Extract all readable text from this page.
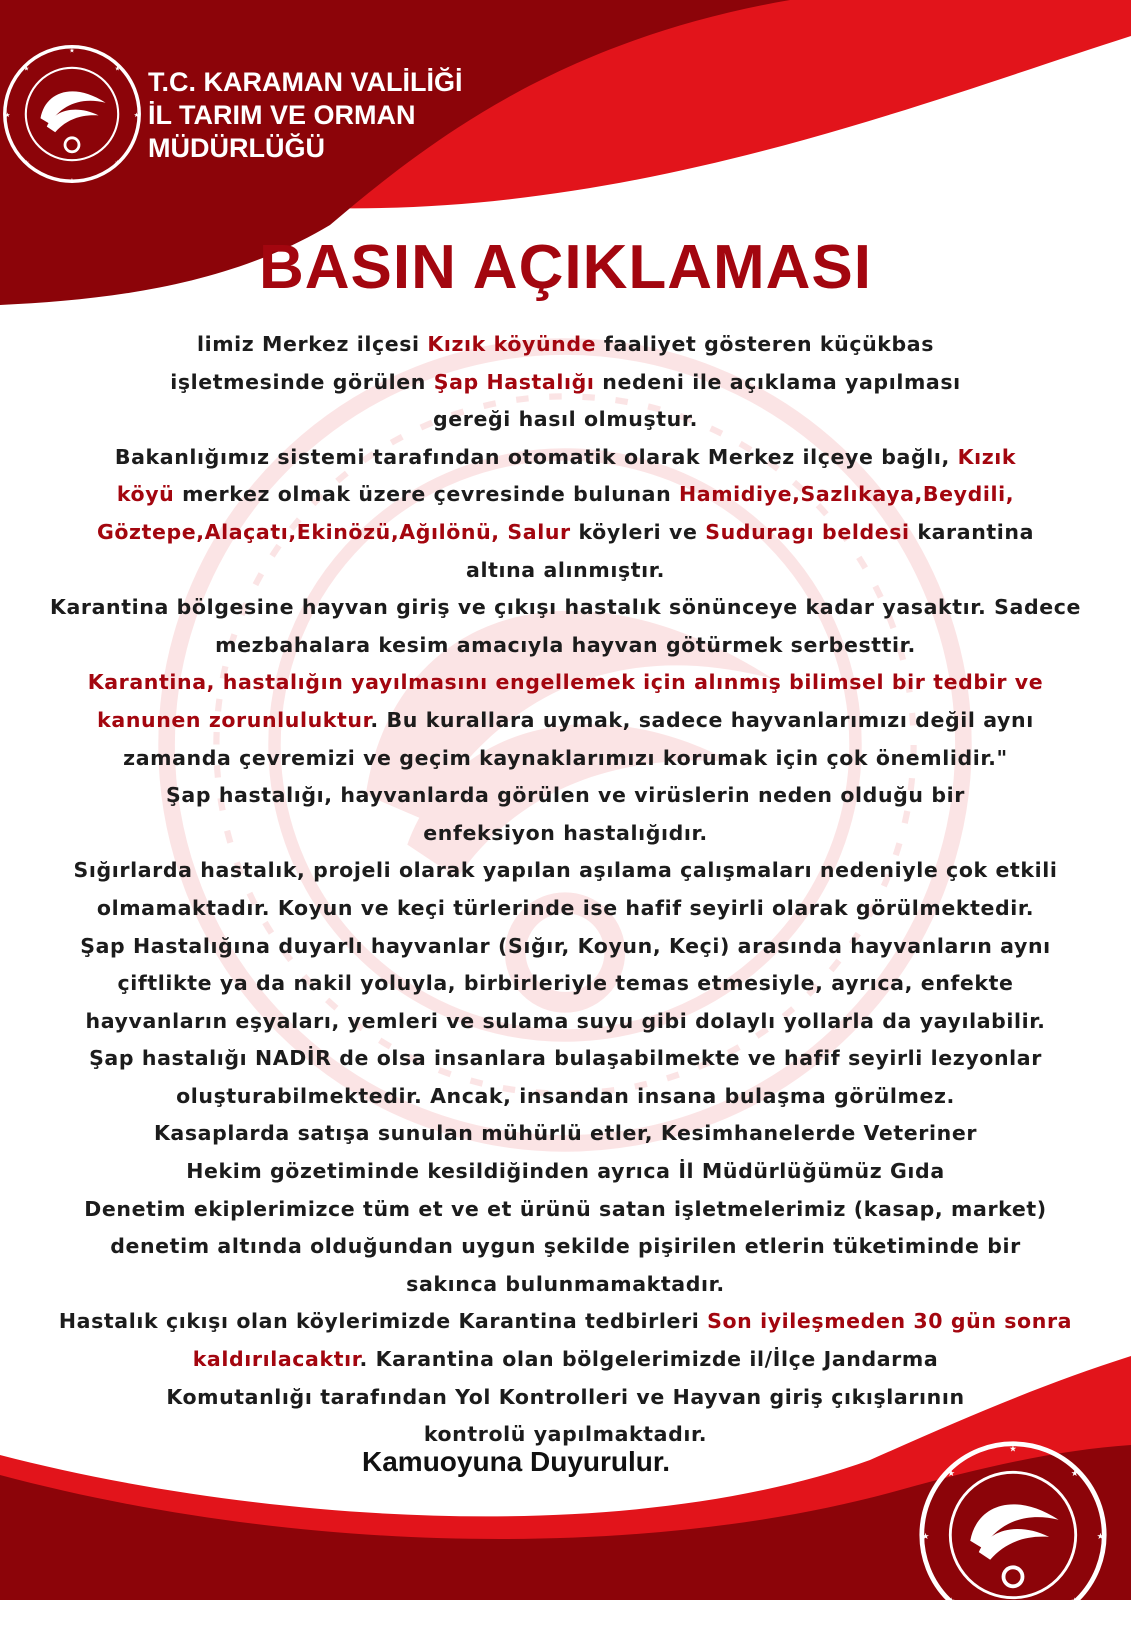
★
★
★	★
★	★
★	★
★
★
★	★
★	★
★	★
T.C. KARAMAN VALİLİĞİ
İL TARIM VE ORMAN
MÜDÜRLÜĞÜ
BASIN AÇIKLAMASI
limiz Merkez ilçesi Kızık köyünde faaliyet gösteren küçükbas
işletmesinde görülen Şap Hastalığı nedeni ile açıklama yapılması
gereği hasıl olmuştur.
Bakanlığımız sistemi tarafından otomatik olarak Merkez ilçeye bağlı, Kızık
köyü merkez olmak üzere çevresinde bulunan Hamidiye,Sazlıkaya,Beydili,
Göztepe,Alaçatı,Ekinözü,Ağılönü, Salur köyleri ve Suduragı beldesi karantina
altına alınmıştır.
Karantina bölgesine hayvan giriş ve çıkışı hastalık sönünceye kadar yasaktır. Sadece
mezbahalara kesim amacıyla hayvan götürmek serbesttir.
Karantina, hastalığın yayılmasını engellemek için alınmış bilimsel bir tedbir ve
kanunen zorunluluktur. Bu kurallara uymak, sadece hayvanlarımızı değil aynı
zamanda çevremizi ve geçim kaynaklarımızı korumak için çok önemlidir."
Şap hastalığı, hayvanlarda görülen ve virüslerin neden olduğu bir
enfeksiyon hastalığıdır.
Sığırlarda hastalık, projeli olarak yapılan aşılama çalışmaları nedeniyle çok etkili
olmamaktadır. Koyun ve keçi türlerinde ise hafif seyirli olarak görülmektedir.
Şap Hastalığına duyarlı hayvanlar (Sığır, Koyun, Keçi) arasında hayvanların aynı
çiftlikte ya da nakil yoluyla, birbirleriyle temas etmesiyle, ayrıca, enfekte
hayvanların eşyaları, yemleri ve sulama suyu gibi dolaylı yollarla da yayılabilir.
Şap hastalığı NADİR de olsa insanlara bulaşabilmekte ve hafif seyirli lezyonlar
oluşturabilmektedir. Ancak, insandan insana bulaşma görülmez.
Kasaplarda satışa sunulan mühürlü etler, Kesimhanelerde Veteriner
Hekim gözetiminde kesildiğinden ayrıca İl Müdürlüğümüz Gıda
Denetim ekiplerimizce tüm et ve et ürünü satan işletmelerimiz (kasap, market)
denetim altında olduğundan uygun şekilde pişirilen etlerin tüketiminde bir
sakınca bulunmamaktadır.
Hastalık çıkışı olan köylerimizde Karantina tedbirleri Son iyileşmeden 30 gün sonra
kaldırılacaktır. Karantina olan bölgelerimizde il/İlçe Jandarma
Komutanlığı tarafından Yol Kontrolleri ve Hayvan giriş çıkışlarının
kontrolü yapılmaktadır.
Kamuoyuna Duyurulur.
